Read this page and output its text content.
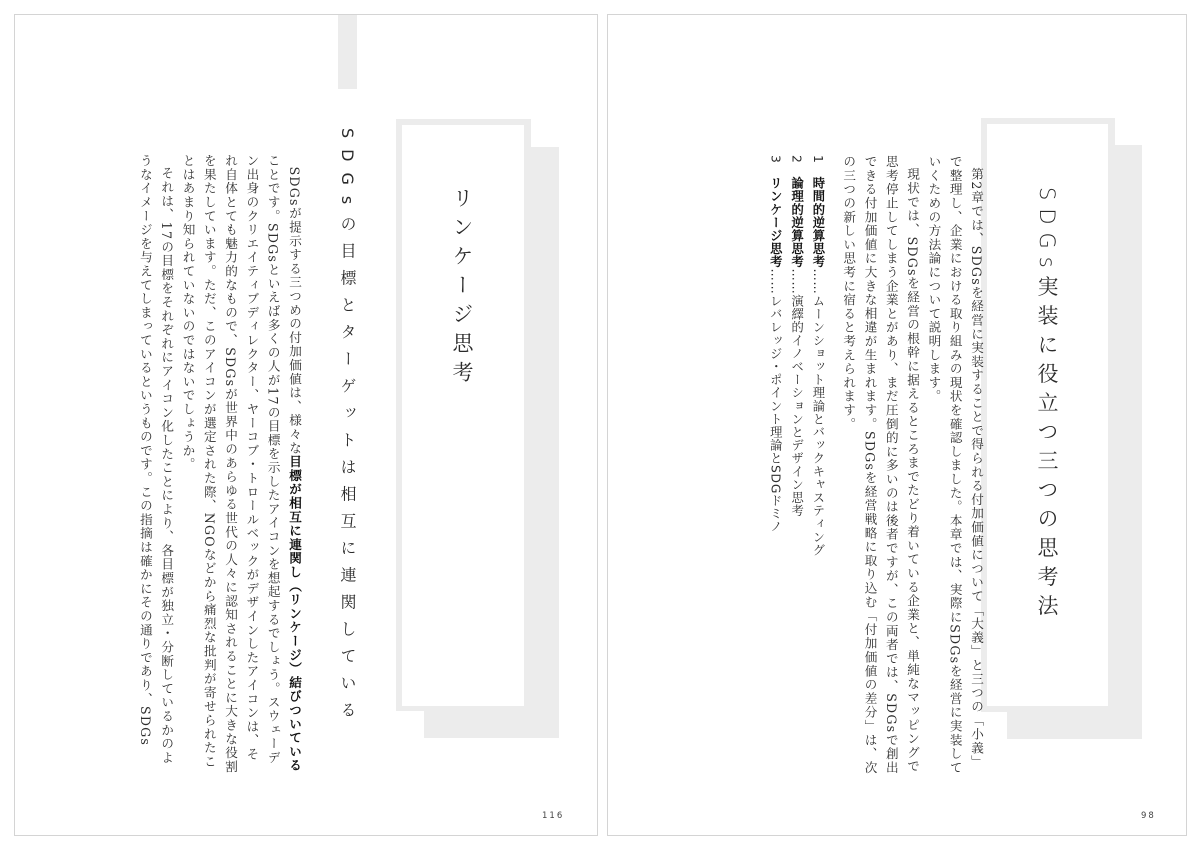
リンケージ思考
SDGsの目標とターゲットは相互に連関している

　SDGsが提示する三つめの付加価値は、様々な目標が相互に連関し（リンケージ）結びついていることです。SDGsといえば多くの人が17の目標を示したアイコンを想起するでしょう。スウェーデン出身のクリエイティブディレクター、ヤーコブ・トロールベックがデザインしたアイコンは、それ自体とても魅力的なもので、SDGsが世界中のあらゆる世代の人々に認知されることに大きな役割を果たしています。ただ、このアイコンが選定された際、NGOなどから痛烈な批判が寄せられたことはあまり知られていないのではないでしょうか。

　それは、17の目標をそれぞれにアイコン化したことにより、各目標が独立・分断しているかのようなイメージを与えてしまっているというものです。この指摘は確かにその通りであり、SDGs

116
SDGs実装に役立つ三つの思考法

　第2章では、SDGsを経営に実装することで得られる付加価値について「大義」と三つの「小義」で整理し、企業における取り組みの現状を確認しました。本章では、実際にSDGsを経営に実装していくための方法論について説明します。

　現状では、SDGsを経営の根幹に据えるところまでたどり着いている企業と、単純なマッピングで思考停止してしまう企業とがあり、まだ圧倒的に多いのは後者ですが、この両者では、SDGsで創出できる付加価値に大きな相違が生まれます。SDGsを経営戦略に取り込む「付加価値の差分」は、次の三つの新しい思考に宿ると考えられます。

1　時間的逆算思考……ムーンショット理論とバックキャスティング

2　論理的逆算思考……演繹的イノベーションとデザイン思考

3　リンケージ思考……レバレッジ・ポイント理論とSDGドミノ

98
